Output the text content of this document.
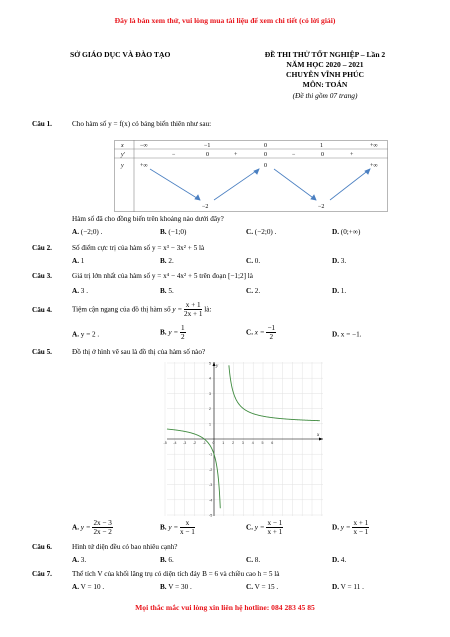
Đây là bản xem thử, vui lòng mua tài liệu để xem chi tiết (có lời giải)
Mọi thắc mắc vui lòng xin liên hệ hotline: 084 283 45 85
SỞ GIÁO DỤC VÀ ĐÀO TẠO	ĐỀ THI THỬ TỐT NGHIỆP – Lần 2
NĂM HỌC 2020 – 2021
CHUYÊN VĨNH PHÚC
MÔN: TOÁN
(Đề thi gồm 07 trang)
Câu 1.	Cho hàm số y = f(x) có bảng biến thiên như sau:
x	−∞	−1	0	1	+∞
y'	−	0	+	0	−	0	+
y	+∞	0	+∞
−2	−2
Hàm số đã cho đồng biến trên khoảng nào dưới đây?
A. (−2;0) .	B. (−1;0)	C. (−2;0) .	D. (0;+∞)
Câu 2.	Số điểm cực trị của hàm số y = x³ − 3x² + 5 là
A. 1	B. 2.	C. 0.	D. 3.
Câu 3.	Giá trị lớn nhất của hàm số y = x⁴ − 4x² + 5 trên đoạn [−1;2] là
A. 3 .	B. 5.	C. 2.	D. 1.
Câu 4.	Tiệm cận ngang của đồ thị hàm số $y = \frac{x + 1}{2x + 1}$ là:
A. y = 2 .	B. $y = \frac{1}{2}$	C. $x = \frac{-1}{2}$	D. x = −1.
Câu 5.	Đồ thị ở hình vẽ sau là đồ thị của hàm số nào?
x
y
-5 -4 -3 -2 -1 0 1 2 3 4 5 6
-5
-4
-3
-2
-1
1
2
3
4
5
A. $y = \frac{2x - 3}{2x - 2}$	B. $y = \frac{x}{x - 1}$	C. $y = \frac{x - 1}{x + 1}$	D. $y = \frac{x + 1}{x - 1}$
Câu 6.	Hình tứ diện đều có bao nhiêu cạnh?
A. 3.	B. 6.	C. 8.	D. 4.
Câu 7.	Thể tích V của khối lăng trụ có diện tích đáy B = 6 và chiều cao h = 5 là
A. V = 10 .	B. V = 30 .	C. V = 15 .	D. V = 11 .
